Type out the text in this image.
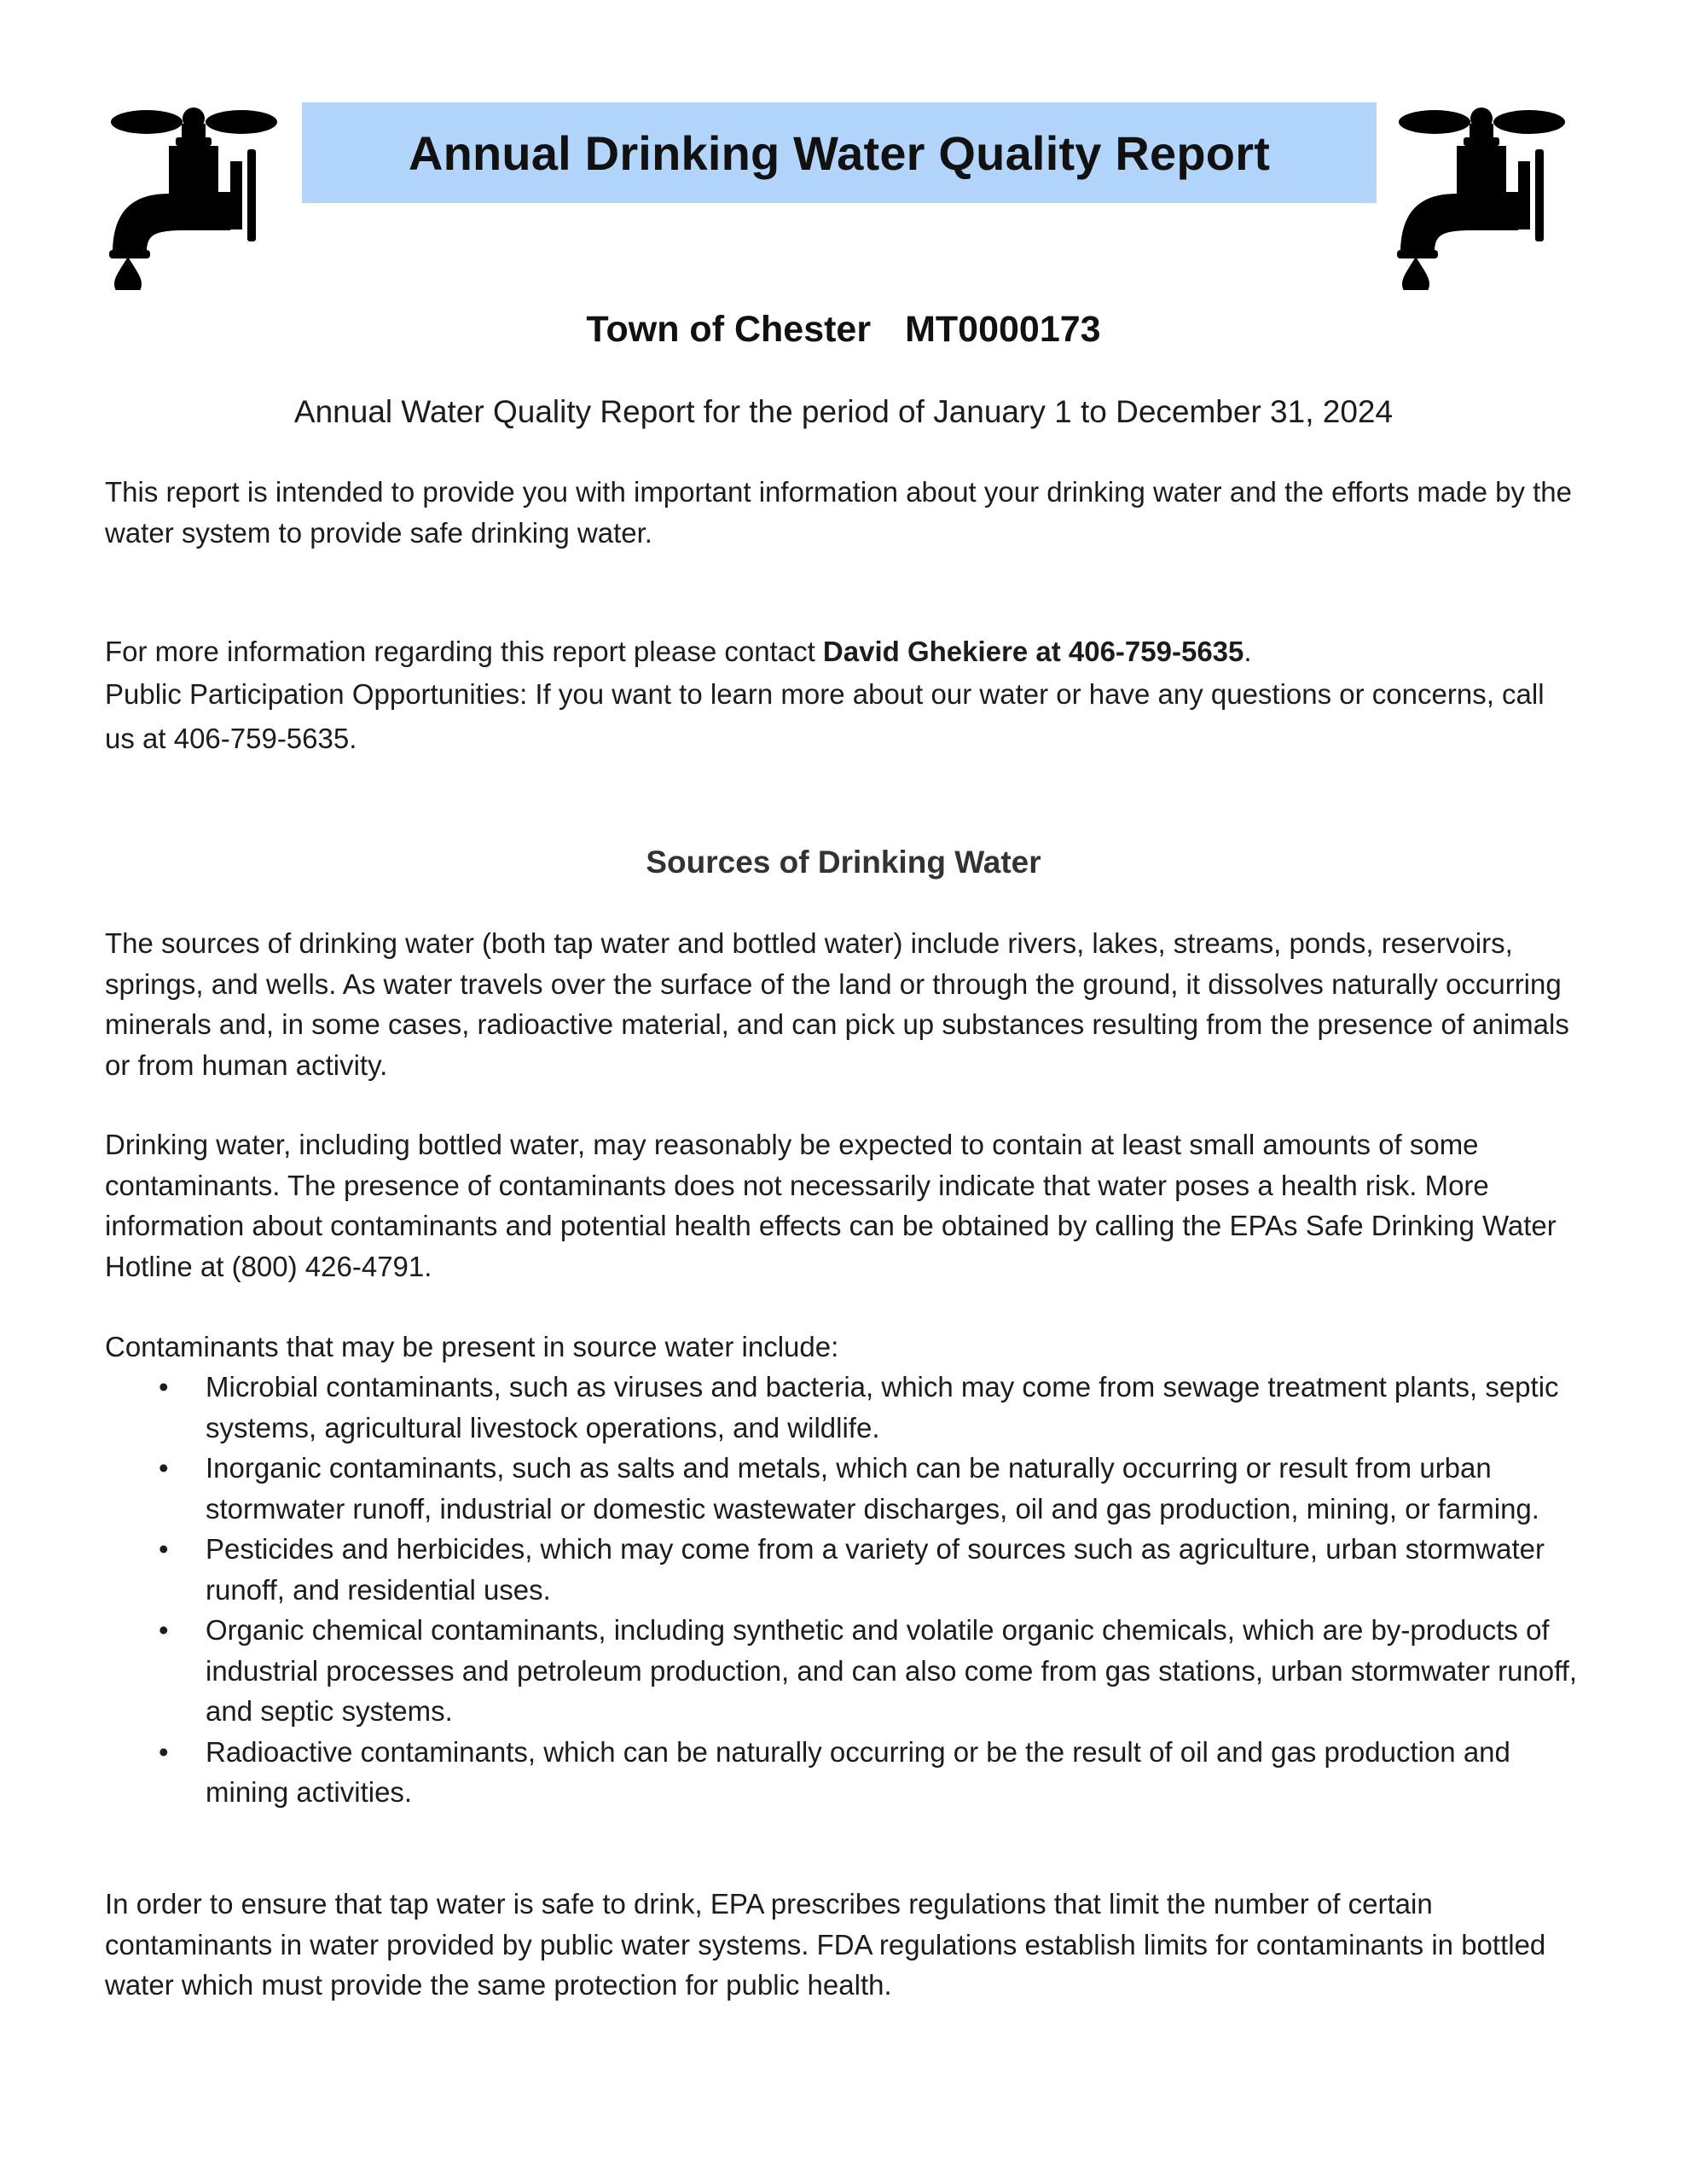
Annual Drinking Water Quality Report
Town of Chester MT0000173
Annual Water Quality Report for the period of January 1 to December 31, 2024

This report is intended to provide you with important information about your drinking water and the efforts made by the water system to provide safe drinking water.

For more information regarding this report please contact David Ghekiere at 406-759-5635.

Public Participation Opportunities: If you want to learn more about our water or have any questions or concerns, call us at 406-759-5635.

Sources of Drinking Water

The sources of drinking water (both tap water and bottled water) include rivers, lakes, streams, ponds, reservoirs, springs, and wells. As water travels over the surface of the land or through the ground, it dissolves naturally occurring minerals and, in some cases, radioactive material, and can pick up substances resulting from the presence of animals or from human activity.

Drinking water, including bottled water, may reasonably be expected to contain at least small amounts of some contaminants. The presence of contaminants does not necessarily indicate that water poses a health risk. More information about contaminants and potential health effects can be obtained by calling the EPAs Safe Drinking Water Hotline at (800) 426-4791.

Contaminants that may be present in source water include:

• Microbial contaminants, such as viruses and bacteria, which may come from sewage treatment plants, septic systems, agricultural livestock operations, and wildlife.
• Inorganic contaminants, such as salts and metals, which can be naturally occurring or result from urban stormwater runoff, industrial or domestic wastewater discharges, oil and gas production, mining, or farming.
• Pesticides and herbicides, which may come from a variety of sources such as agriculture, urban stormwater runoff, and residential uses.
• Organic chemical contaminants, including synthetic and volatile organic chemicals, which are by-products of industrial processes and petroleum production, and can also come from gas stations, urban stormwater runoff, and septic systems.
• Radioactive contaminants, which can be naturally occurring or be the result of oil and gas production and mining activities.

In order to ensure that tap water is safe to drink, EPA prescribes regulations that limit the number of certain contaminants in water provided by public water systems. FDA regulations establish limits for contaminants in bottled water which must provide the same protection for public health.
